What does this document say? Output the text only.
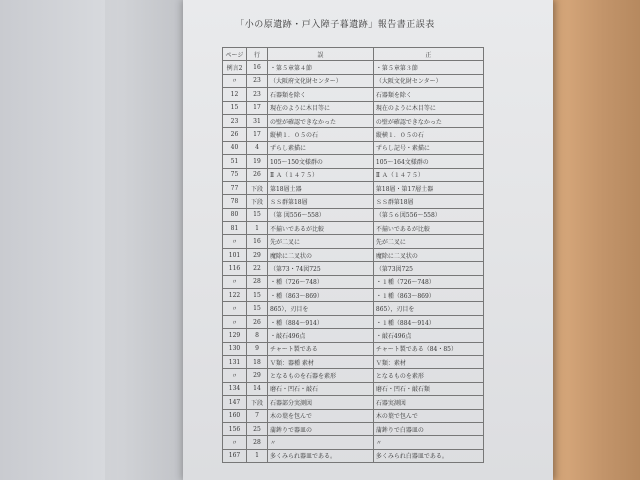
「小の原遺跡・戸入障子暮遺跡」報告書正誤表
ページ	行	誤	正
例言2	16	・第５章第４節	・第５章第３節
〃	23	（大阪府文化財センター）	（大阪文化財センター）
12	23	石器類を除く	石器類を除く
15	17	現在のように木目等に	現在のように木目等に
23	31	の壁が確認できなかった	の壁が確認できなかった
26	17	縦横１．０５の石	縦横１．０５の石
40	4	ずらし素描に	ずらし記号・素描に
51	19	105～150文様群の	105～164文様群の
75	26	Ⅱ Ａ（１４７５）	Ⅱ Ａ（１４７５）
77	下段	第18層土器	第18層・第17層土器
78	下段	ＳＳ群第18層	ＳＳ群第18層
80	15	（第 図556～558）	（第５６図556～558）
81	1	不揃いであるが比較	不揃いであるが比較
〃	16	先が二叉に	先が二叉に
101	29	魔除に二叉状の	魔除に二叉状の
116	22	（第73・74図725	（第73図725
〃	28	・種（726～748）	・１種（726～748）
122	15	・種（863～869）	・１種（863～869）
〃	15	865），刃目を	865），刃目を
〃	26	・種（884～914）	・１種（884～914）
129	8	・敲石496点	・敲石496点
130	9	チャート製である	チャート製である（84・85）
131	18	Ｖ類：器種 素材	Ｖ類：素材
〃	29	となるものを石器を素形	となるものを素形
134	14	磨石・凹石・敲石	磨石・凹石・敲石類
147	下段	石器部分実測図	石器実測図
160	7	木の葉を包んで	木の葉で包んで
156	25	蒲鉾りで器皿の	蒲鉾りで白器皿の
〃	28	〃	〃
167	1	多くみられ器皿である。	多くみられ白器皿である。
